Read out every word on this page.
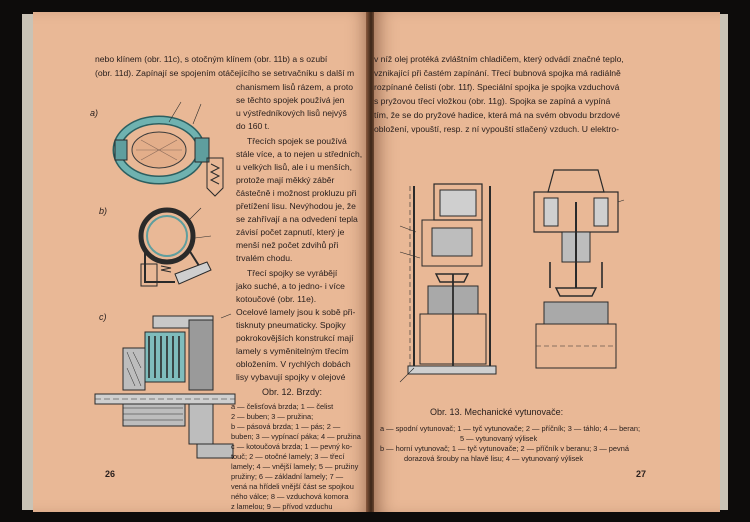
nebo klínem (obr. 11c), s otočným klínem (obr. 11b) a s ozubí
(obr. 11d). Zapínají se spojením otáčejícího se setrvačníku s další m
chanismem lisů rázem, a proto
se těchto spojek používá jen
u výstředníkových lisů nejvýš
do 160 t.
Třecích spojek se používá
stále více, a to nejen u středních,
u velkých lisů, ale i u menších,
protože mají měkký záběr
částečně i možnost prokluzu při
přetížení lisu. Nevýhodou je, že
se zahřívají a na odvedení tepla
závisí počet zapnutí, který je
menší než počet zdvihů při
trvalém chodu.
Třecí spojky se vyrábějí
jako suché, a to jedno- i více
kotoučové (obr. 11e).
Ocelové lamely jsou k sobě při-
tisknuty pneumaticky. Spojky
pokrokovějších konstrukcí mají
lamely s vyměnitelným třecím
obložením. V rychlých dobách
lisy vybavují spojky v olejové
a)
b)
c)
Obr. 12. Brzdy:
a — čelisťová brzda; 1 — čelist
2 — buben; 3 — pružina;
b — pásová brzda; 1 — pás; 2 —
buben; 3 — vypínací páka; 4 — pružina
c — kotoučová brzda; 1 — pevný ko-
touč; 2 — otočné lamely; 3 — třecí
lamely; 4 — vnější lamely; 5 — pružiny
pružiny; 6 — základní lamely; 7 —
vená na hřídeli vnější část se spojkou
ného válce; 8 — vzduchová komora
z lamelou; 9 — přívod vzduchu
26
v níž olej protéká zvláštním chladičem, který odvádí značné teplo,
vznikající při častém zapínání. Třecí bubnová spojka má radiálně
rozpínané čelisti (obr. 11f). Speciální spojka je spojka vzduchová
s pryžovou třecí vložkou (obr. 11g). Spojka se zapíná a vypíná
tím, že se do pryžové hadice, která má na svém obvodu brzdové
obložení, vpouští, resp. z ní vypouští stlačený vzduch. U elektro-
Obr. 13. Mechanické vytunovače:
a — spodní vytunovač; 1 — tyč vytunovače; 2 — příčník; 3 — táhlo; 4 — beran;
5 — vytunovaný výlisek
b — horní vytunovač; 1 — tyč vytunovače; 2 — příčník v beranu; 3 — pevná
dorazová šrouby na hlavě lisu; 4 — vytunovaný výlisek
27
